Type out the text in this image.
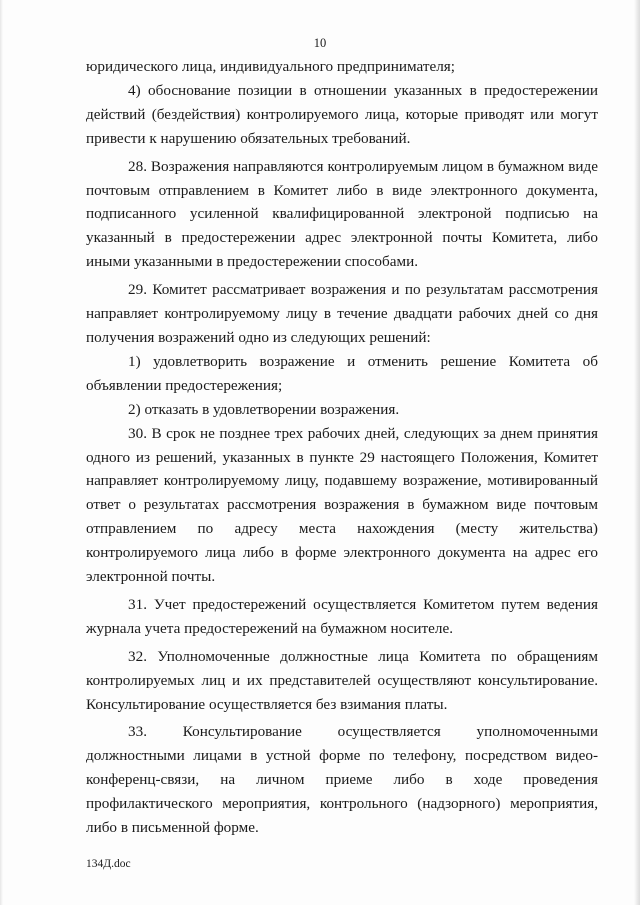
10

юридического лица, индивидуального предпринимателя;

4) обоснование позиции в отношении указанных в предостережении действий (бездействия) контролируемого лица, которые приводят или могут привести к нарушению обязательных требований.

28. Возражения направляются контролируемым лицом в бумажном виде почтовым отправлением в Комитет либо в виде электронного документа, подписанного усиленной квалифицированной электроной подписью на указанный в предостережении адрес электронной почты Комитета, либо иными указанными в предостережении способами.

29. Комитет рассматривает возражения и по результатам рассмотрения направляет контролируемому лицу в течение двадцати рабочих дней со дня получения возражений одно из следующих решений:

1) удовлетворить возражение и отменить решение Комитета об объявлении предостережения;

2) отказать в удовлетворении возражения.

30. В срок не позднее трех рабочих дней, следующих за днем принятия одного из решений, указанных в пункте 29 настоящего Положения, Комитет направляет контролируемому лицу, подавшему возражение, мотивированный ответ о результатах рассмотрения возражения в бумажном виде почтовым отправлением по адресу места нахождения (месту жительства) контролируемого лица либо в форме электронного документа на адрес его электронной почты.

31. Учет предостережений осуществляется Комитетом путем ведения журнала учета предостережений на бумажном носителе.

32. Уполномоченные должностные лица Комитета по обращениям контролируемых лиц и их представителей осуществляют консультирование. Консультирование осуществляется без взимания платы.

33. Консультирование осуществляется уполномоченными должностными лицами в устной форме по телефону, посредством видео-конференц-связи, на личном приеме либо в ходе проведения профилактического мероприятия, контрольного (надзорного) мероприятия, либо в письменной форме.

134Д.doc
